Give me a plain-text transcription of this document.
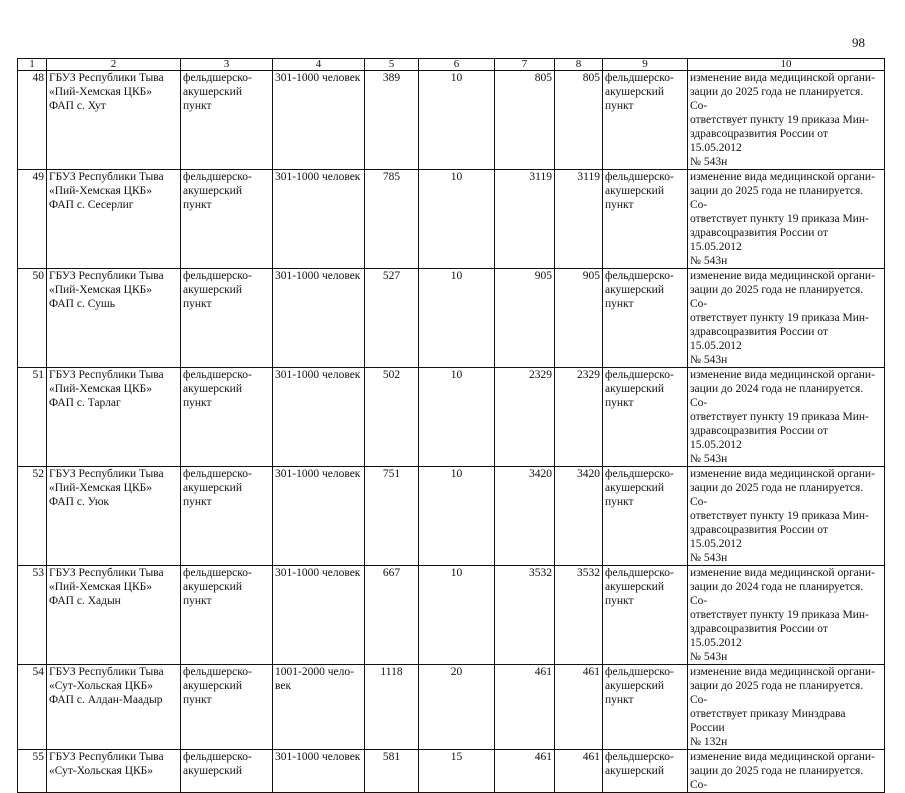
98
1	2	3	4	5	6	7	8	9	10
48	ГБУЗ Республики Тыва
«Пий-Хемская ЦКБ»
ФАП с. Хут	фельдшерско-
акушерский
пункт	301-1000 человек	389	10	805	805	фельдшерско-
акушерский
пункт	изменение вида медицинской органи-
зации до 2025 года не планируется. Со-
ответствует пункту 19 приказа Мин-
здравсоцразвития России от 15.05.2012
№ 543н
49	ГБУЗ Республики Тыва
«Пий-Хемская ЦКБ»
ФАП с. Сесерлиг	фельдшерско-
акушерский
пункт	301-1000 человек	785	10	3119	3119	фельдшерско-
акушерский
пункт	изменение вида медицинской органи-
зации до 2025 года не планируется. Со-
ответствует пункту 19 приказа Мин-
здравсоцразвития России от 15.05.2012
№ 543н
50	ГБУЗ Республики Тыва
«Пий-Хемская ЦКБ»
ФАП с. Сушь	фельдшерско-
акушерский
пункт	301-1000 человек	527	10	905	905	фельдшерско-
акушерский
пункт	изменение вида медицинской органи-
зации до 2025 года не планируется. Со-
ответствует пункту 19 приказа Мин-
здравсоцразвития России от 15.05.2012
№ 543н
51	ГБУЗ Республики Тыва
«Пий-Хемская ЦКБ»
ФАП с. Тарлаг	фельдшерско-
акушерский
пункт	301-1000 человек	502	10	2329	2329	фельдшерско-
акушерский
пункт	изменение вида медицинской органи-
зации до 2024 года не планируется. Со-
ответствует пункту 19 приказа Мин-
здравсоцразвития России от 15.05.2012
№ 543н
52	ГБУЗ Республики Тыва
«Пий-Хемская ЦКБ»
ФАП с. Уюк	фельдшерско-
акушерский
пункт	301-1000 человек	751	10	3420	3420	фельдшерско-
акушерский
пункт	изменение вида медицинской органи-
зации до 2025 года не планируется. Со-
ответствует пункту 19 приказа Мин-
здравсоцразвития России от 15.05.2012
№ 543н
53	ГБУЗ Республики Тыва
«Пий-Хемская ЦКБ»
ФАП с. Хадын	фельдшерско-
акушерский
пункт	301-1000 человек	667	10	3532	3532	фельдшерско-
акушерский
пункт	изменение вида медицинской органи-
зации до 2024 года не планируется. Со-
ответствует пункту 19 приказа Мин-
здравсоцразвития России от 15.05.2012
№ 543н
54	ГБУЗ Республики Тыва
«Сут-Хольская ЦКБ»
ФАП с. Алдан-Маадыр	фельдшерско-
акушерский
пункт	1001-2000 чело-
век	1118	20	461	461	фельдшерско-
акушерский
пункт	изменение вида медицинской органи-
зации до 2025 года не планируется. Со-
ответствует приказу Минздрава России
№ 132н
55	ГБУЗ Республики Тыва
«Сут-Хольская ЦКБ»	фельдшерско-
акушерский	301-1000 человек	581	15	461	461	фельдшерско-
акушерский	изменение вида медицинской органи-
зации до 2025 года не планируется. Со-
